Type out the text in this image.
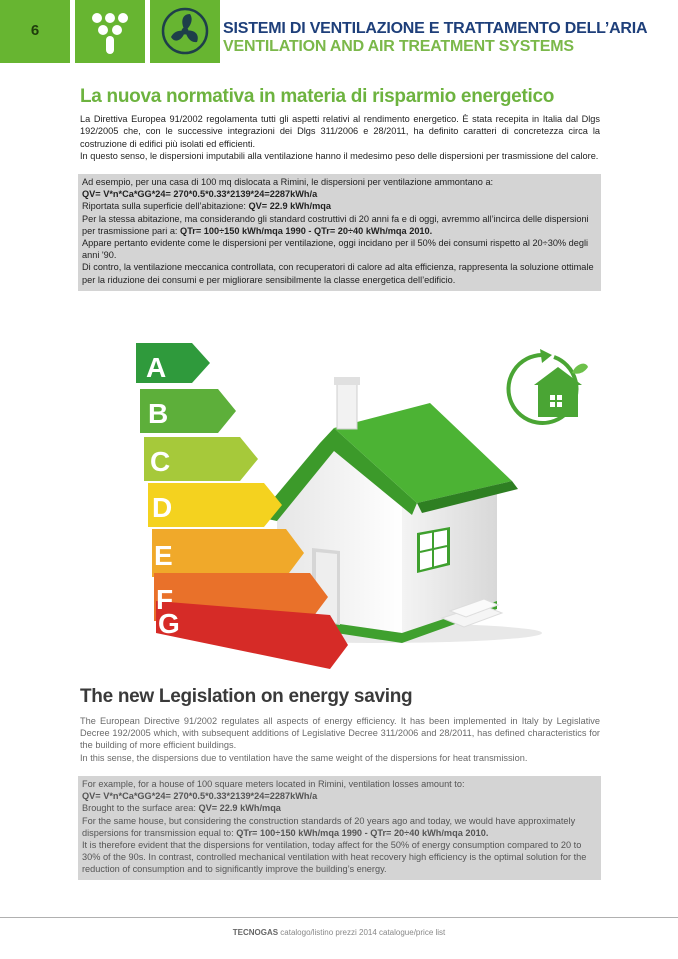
6	SISTEMI DI VENTILAZIONE E TRATTAMENTO DELL’ARIA
VENTILATION AND AIR TREATMENT SYSTEMS
La nuova normativa in materia di risparmio energetico

La Direttiva Europea 91/2002 regolamenta tutti gli aspetti relativi al rendimento energetico. È stata recepita in Italia dal Dlgs 192/2005 che, con le successive integrazioni dei Dlgs 311/2006 e 28/2011, ha definito caratteri di concretezza circa la costruzione di edifici più isolati ed efficienti.

In questo senso, le dispersioni imputabili alla ventilazione hanno il medesimo peso delle dispersioni per trasmissione del calore.

Ad esempio, per una casa di 100 mq dislocata a Rimini, le dispersioni per ventilazione ammontano a:

QV= V*n*Ca*GG*24= 270*0.5*0.33*2139*24=2287kWh/a

Riportata sulla superficie dell’abitazione: QV= 22.9 kWh/mqa

Per la stessa abitazione, ma considerando gli standard costruttivi di 20 anni fa e di oggi, avremmo all’incirca delle dispersioni per trasmissione pari a: QTr= 100÷150 kWh/mqa 1990 - QTr= 20÷40 kWh/mqa 2010.

Appare pertanto evidente come le dispersioni per ventilazione, oggi incidano per il 50% dei consumi rispetto al 20÷30% degli anni '90.

Di contro, la ventilazione meccanica controllata, con recuperatori di calore ad alta efficienza, rappresenta la soluzione ottimale per la riduzione dei consumi e per migliorare sensibilmente la classe energetica dell’edificio.

A
B
C
D
E
F
G
The new Legislation on energy saving

The European Directive 91/2002 regulates all aspects of energy efficiency. It has been implemented in Italy by Legislative Decree 192/2005 which, with subsequent additions of Legislative Decree 311/2006 and 28/2011, has defined characteristics for the building of more efficient buildings.

In this sense, the dispersions due to ventilation have the same weight of the dispersions for heat transmission.

For example, for a house of 100 square meters located in Rimini, ventilation losses amount to:

QV= V*n*Ca*GG*24= 270*0.5*0.33*2139*24=2287kWh/a

Brought to the surface area: QV= 22.9 kWh/mqa

For the same house, but considering the construction standards of 20 years ago and today, we would have approximately dispersions for transmission equal to: QTr= 100÷150 kWh/mqa 1990 - QTr= 20÷40 kWh/mqa 2010.

It is therefore evident that the dispersions for ventilation, today affect for the 50% of energy consumption compared to 20 to 30% of the 90s. In contrast, controlled mechanical ventilation with heat recovery high efficiency is the optimal solution for the reduction of consumption and to significantly improve the building’s energy.

TECNOGAS catalogo/listino prezzi 2014 catalogue/price list
